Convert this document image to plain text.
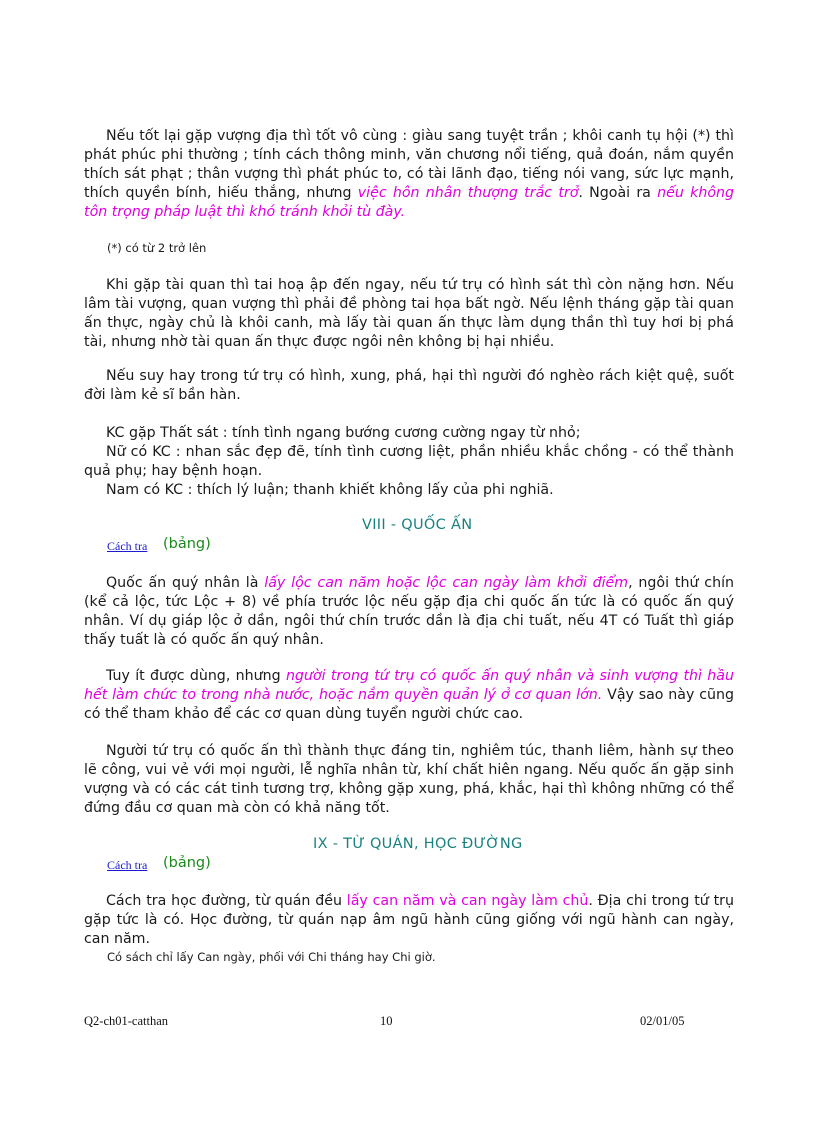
Nếu tốt lại gặp vượng địa thì tốt vô cùng : giàu sang tuyệt trần ; khôi canh tụ hội (*) thì phát phúc phi thường ; tính cách thông minh, văn chương nổi tiếng, quả đoán, nắm quyền thích sát phạt ; thân vượng thì phát phúc to, có tài lãnh đạo, tiếng nói vang, sức lực mạnh, thích quyền bính, hiếu thắng, nhưng việc hôn nhân thượng trắc trở. Ngoài ra nếu không tôn trọng pháp luật thì khó tránh khỏi tù đày.

(*) có từ 2 trở lên

Khi gặp tài quan thì tai hoạ ập đến ngay, nếu tứ trụ có hình sát thì còn nặng hơn. Nếu lâm tài vượng, quan vượng thì phải đề phòng tai họa bất ngờ. Nếu lệnh tháng gặp tài quan ấn thực, ngày chủ là khôi canh, mà lấy tài quan ấn thực làm dụng thần thì tuy hơi bị phá tài, nhưng nhờ tài quan ấn thực được ngôi nên không bị hại nhiều.

Nếu suy hay trong tứ trụ có hình, xung, phá, hại thì người đó nghèo rách kiệt quệ, suốt đời làm kẻ sĩ bần hàn.

KC gặp Thất sát : tính tình ngang bướng cương cường ngay từ nhỏ;
Nữ có KC : nhan sắc đẹp đẽ, tính tình cương liệt, phần nhiều khắc chồng - có thể thành quả phụ; hay bệnh hoạn.
Nam có KC : thích lý luận; thanh khiết không lấy của phi nghiã.
VIII - QUỐC ẤN
Cách tra (bảng)

Quốc ấn quý nhân là lấy lộc can năm hoặc lộc can ngày làm khởi điểm, ngôi thứ chín (kể cả lộc, tức Lộc + 8) về phía trước lộc nếu gặp địa chi quốc ấn tức là có quốc ấn quý nhân. Ví dụ giáp lộc ở dần, ngôi thứ chín trước dần là địa chi tuất, nếu 4T có Tuất thì giáp thấy tuất là có quốc ấn quý nhân.

Tuy ít được dùng, nhưng người trong tứ trụ có quốc ấn quý nhân và sinh vượng thì hầu hết làm chức to trong nhà nước, hoặc nắm quyền quản lý ở cơ quan lớn. Vậy sao này cũng có thể tham khảo để các cơ quan dùng tuyển người chức cao.

Người tứ trụ có quốc ấn thì thành thực đáng tin, nghiêm túc, thanh liêm, hành sự theo lẽ công, vui vẻ với mọi người, lễ nghĩa nhân từ, khí chất hiên ngang. Nếu quốc ấn gặp sinh vượng và có các cát tinh tương trợ, không gặp xung, phá, khắc, hại thì không những có thể đứng đầu cơ quan mà còn có khả năng tốt.

IX - TỪ QUÁN, HỌC ĐƯỜNG
Cách tra (bảng)

Cách tra học đường, từ quán đều lấy can năm và can ngày làm chủ. Địa chi trong tứ trụ gặp tức là có. Học đường, từ quán nạp âm ngũ hành cũng giống với ngũ hành can ngày, can năm.

Có sách chỉ lấy Can ngày, phối với Chi tháng hay Chi giờ.
Q2-ch01-catthan	10	02/01/05
